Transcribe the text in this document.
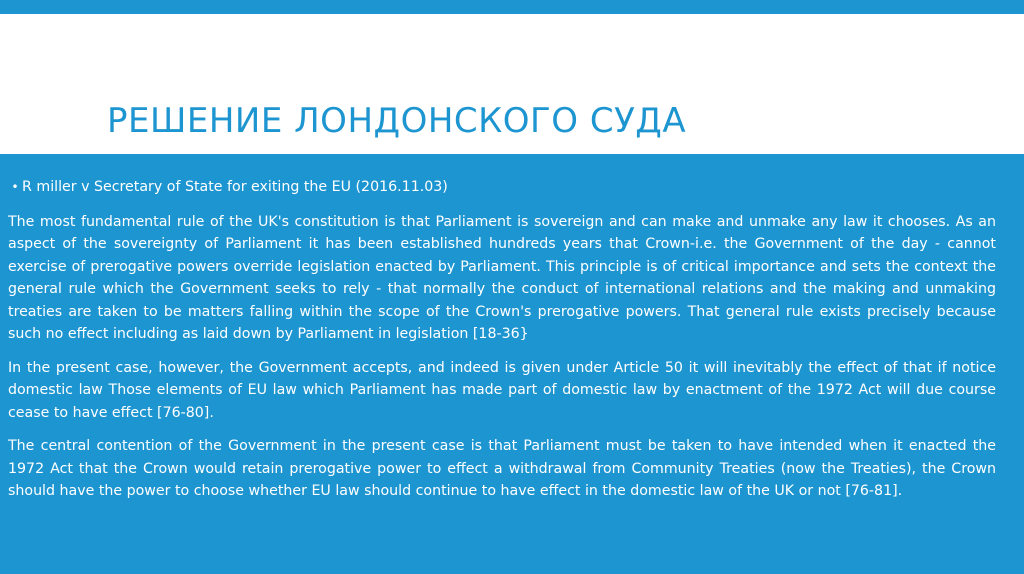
РЕШЕНИЕ ЛОНДОНСКОГО СУДА
• R miller v Secretary of State for exiting the EU (2016.11.03)

The most fundamental rule of the UK's constitution is that Parliament is sovereign and can make and unmake any law it chooses. As an aspect of the sovereignty of Parliament it has been established hundreds years that Crown-i.e. the Government of the day - cannot exercise of prerogative powers override legislation enacted by Parliament. This principle is of critical importance and sets the context the general rule which the Government seeks to rely - that normally the conduct of international relations and the making and unmaking treaties are taken to be matters falling within the scope of the Crown's prerogative powers. That general rule exists precisely because such no effect including as laid down by Parliament in legislation [18-36}

In the present case, however, the Government accepts, and indeed is given under Article 50 it will inevitably the effect of that if notice domestic law Those elements of EU law which Parliament has made part of domestic law by enactment of the 1972 Act will due course cease to have effect [76-80].

The central contention of the Government in the present case is that Parliament must be taken to have intended when it enacted the 1972 Act that the Crown would retain prerogative power to effect a withdrawal from Community Treaties (now the Treaties), the Crown should have the power to choose whether EU law should continue to have effect in the domestic law of the UK or not [76-81].
